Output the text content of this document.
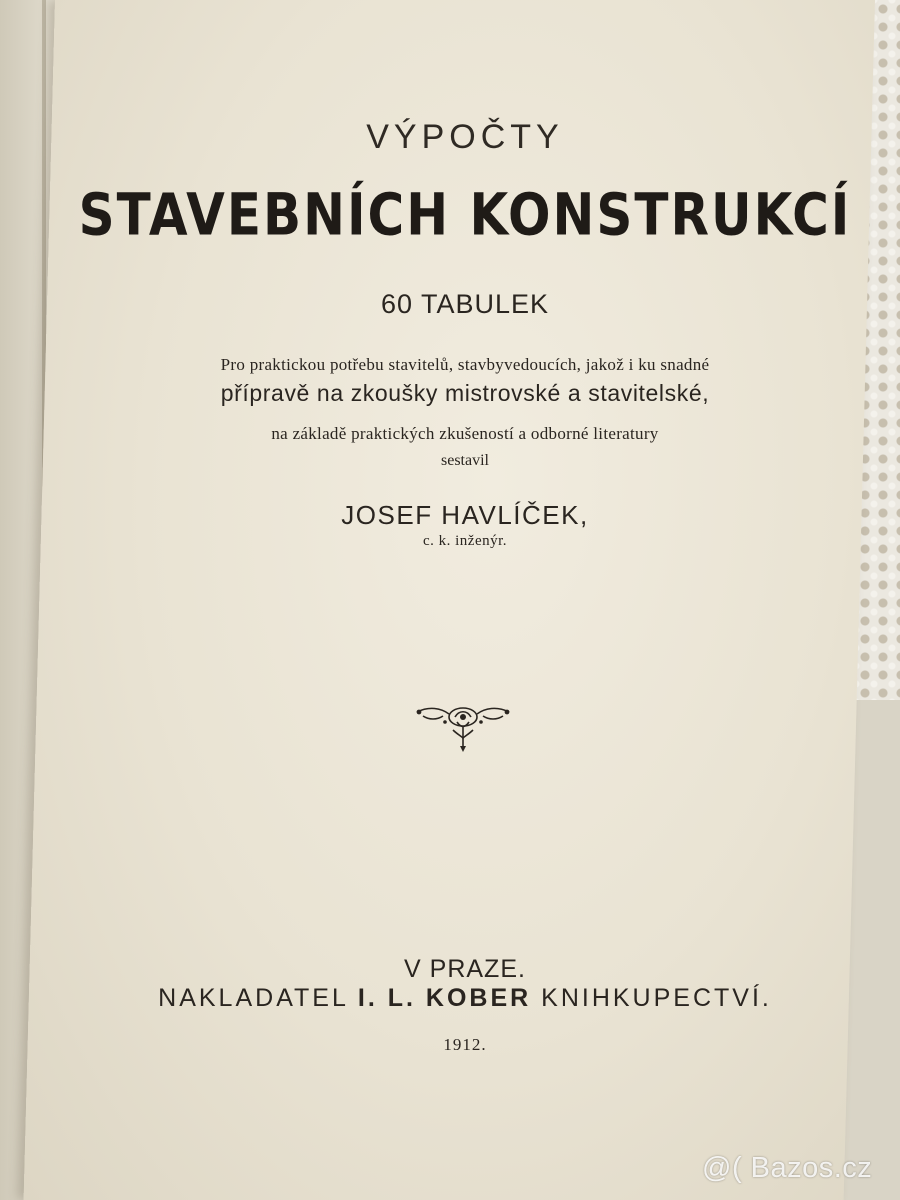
VÝPOČTY
STAVEBNÍCH KONSTRUKCÍ
60 TABULEK
Pro praktickou potřebu stavitelů, stavbyvedoucích, jakož i ku snadné
přípravě na zkoušky mistrovské a stavitelské,
na základě praktických zkušeností a odborné literatury
sestavil
JOSEF HAVLÍČEK,
c. k. inženýr.
V PRAZE.
NAKLADATEL I. L. KOBER KNIHKUPECTVÍ.
1912.
@( Bazos.cz
